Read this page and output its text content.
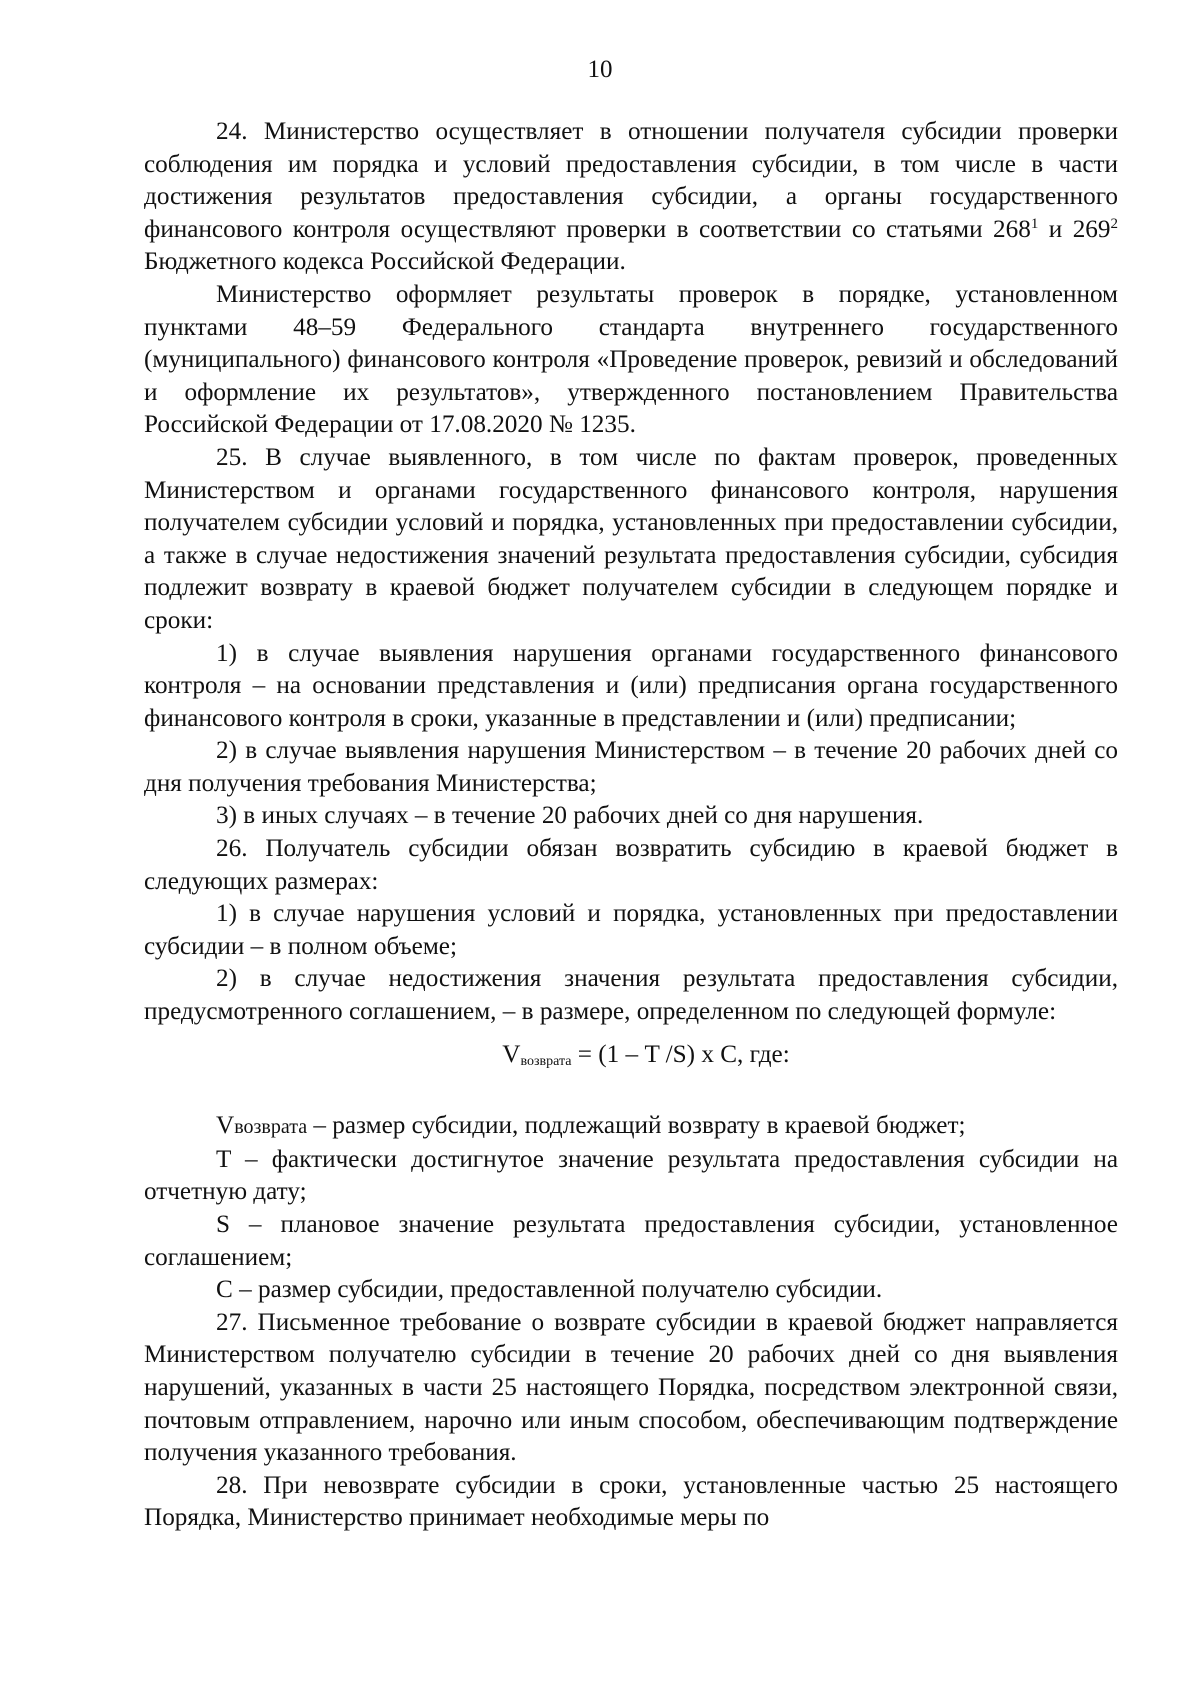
10

24. Министерство осуществляет в отношении получателя субсидии проверки соблюдения им порядка и условий предоставления субсидии, в том числе в части достижения результатов предоставления субсидии, а органы государственного финансового контроля осуществляют проверки в соответствии со статьями $268^1$ и $269^2$ Бюджетного кодекса Российской Федерации.

Министерство оформляет результаты проверок в порядке, установленном пунктами 48–59 Федерального стандарта внутреннего государственного (муниципального) финансового контроля «Проведение проверок, ревизий и обследований и оформление их результатов», утвержденного постановлением Правительства Российской Федерации от 17.08.2020 № 1235.

25. В случае выявленного, в том числе по фактам проверок, проведенных Министерством и органами государственного финансового контроля, нарушения получателем субсидии условий и порядка, установленных при предоставлении субсидии, а также в случае недостижения значений результата предоставления субсидии, субсидия подлежит возврату в краевой бюджет получателем субсидии в следующем порядке и сроки:

1) в случае выявления нарушения органами государственного финансового контроля – на основании представления и (или) предписания органа государственного финансового контроля в сроки, указанные в представлении и (или) предписании;

2) в случае выявления нарушения Министерством – в течение 20 рабочих дней со дня получения требования Министерства;

3) в иных случаях – в течение 20 рабочих дней со дня нарушения.

26. Получатель субсидии обязан возвратить субсидию в краевой бюджет в следующих размерах:

1) в случае нарушения условий и порядка, установленных при предоставлении субсидии – в полном объеме;

2) в случае недостижения значения результата предоставления субсидии, предусмотренного соглашением, – в размере, определенном по следующей формуле:

$V_{возврата} = (1 - T$ /S) x C, где:

Vвозврата – размер субсидии, подлежащий возврату в краевой бюджет;

T – фактически достигнутое значение результата предоставления субсидии на отчетную дату;

S – плановое значение результата предоставления субсидии, установленное соглашением;

C – размер субсидии, предоставленной получателю субсидии.

27. Письменное требование о возврате субсидии в краевой бюджет направляется Министерством получателю субсидии в течение 20 рабочих дней со дня выявления нарушений, указанных в части 25 настоящего Порядка, посредством электронной связи, почтовым отправлением, нарочно или иным способом, обеспечивающим подтверждение получения указанного требования.

28. При невозврате субсидии в сроки, установленные частью 25 настоящего Порядка, Министерство принимает необходимые меры по
